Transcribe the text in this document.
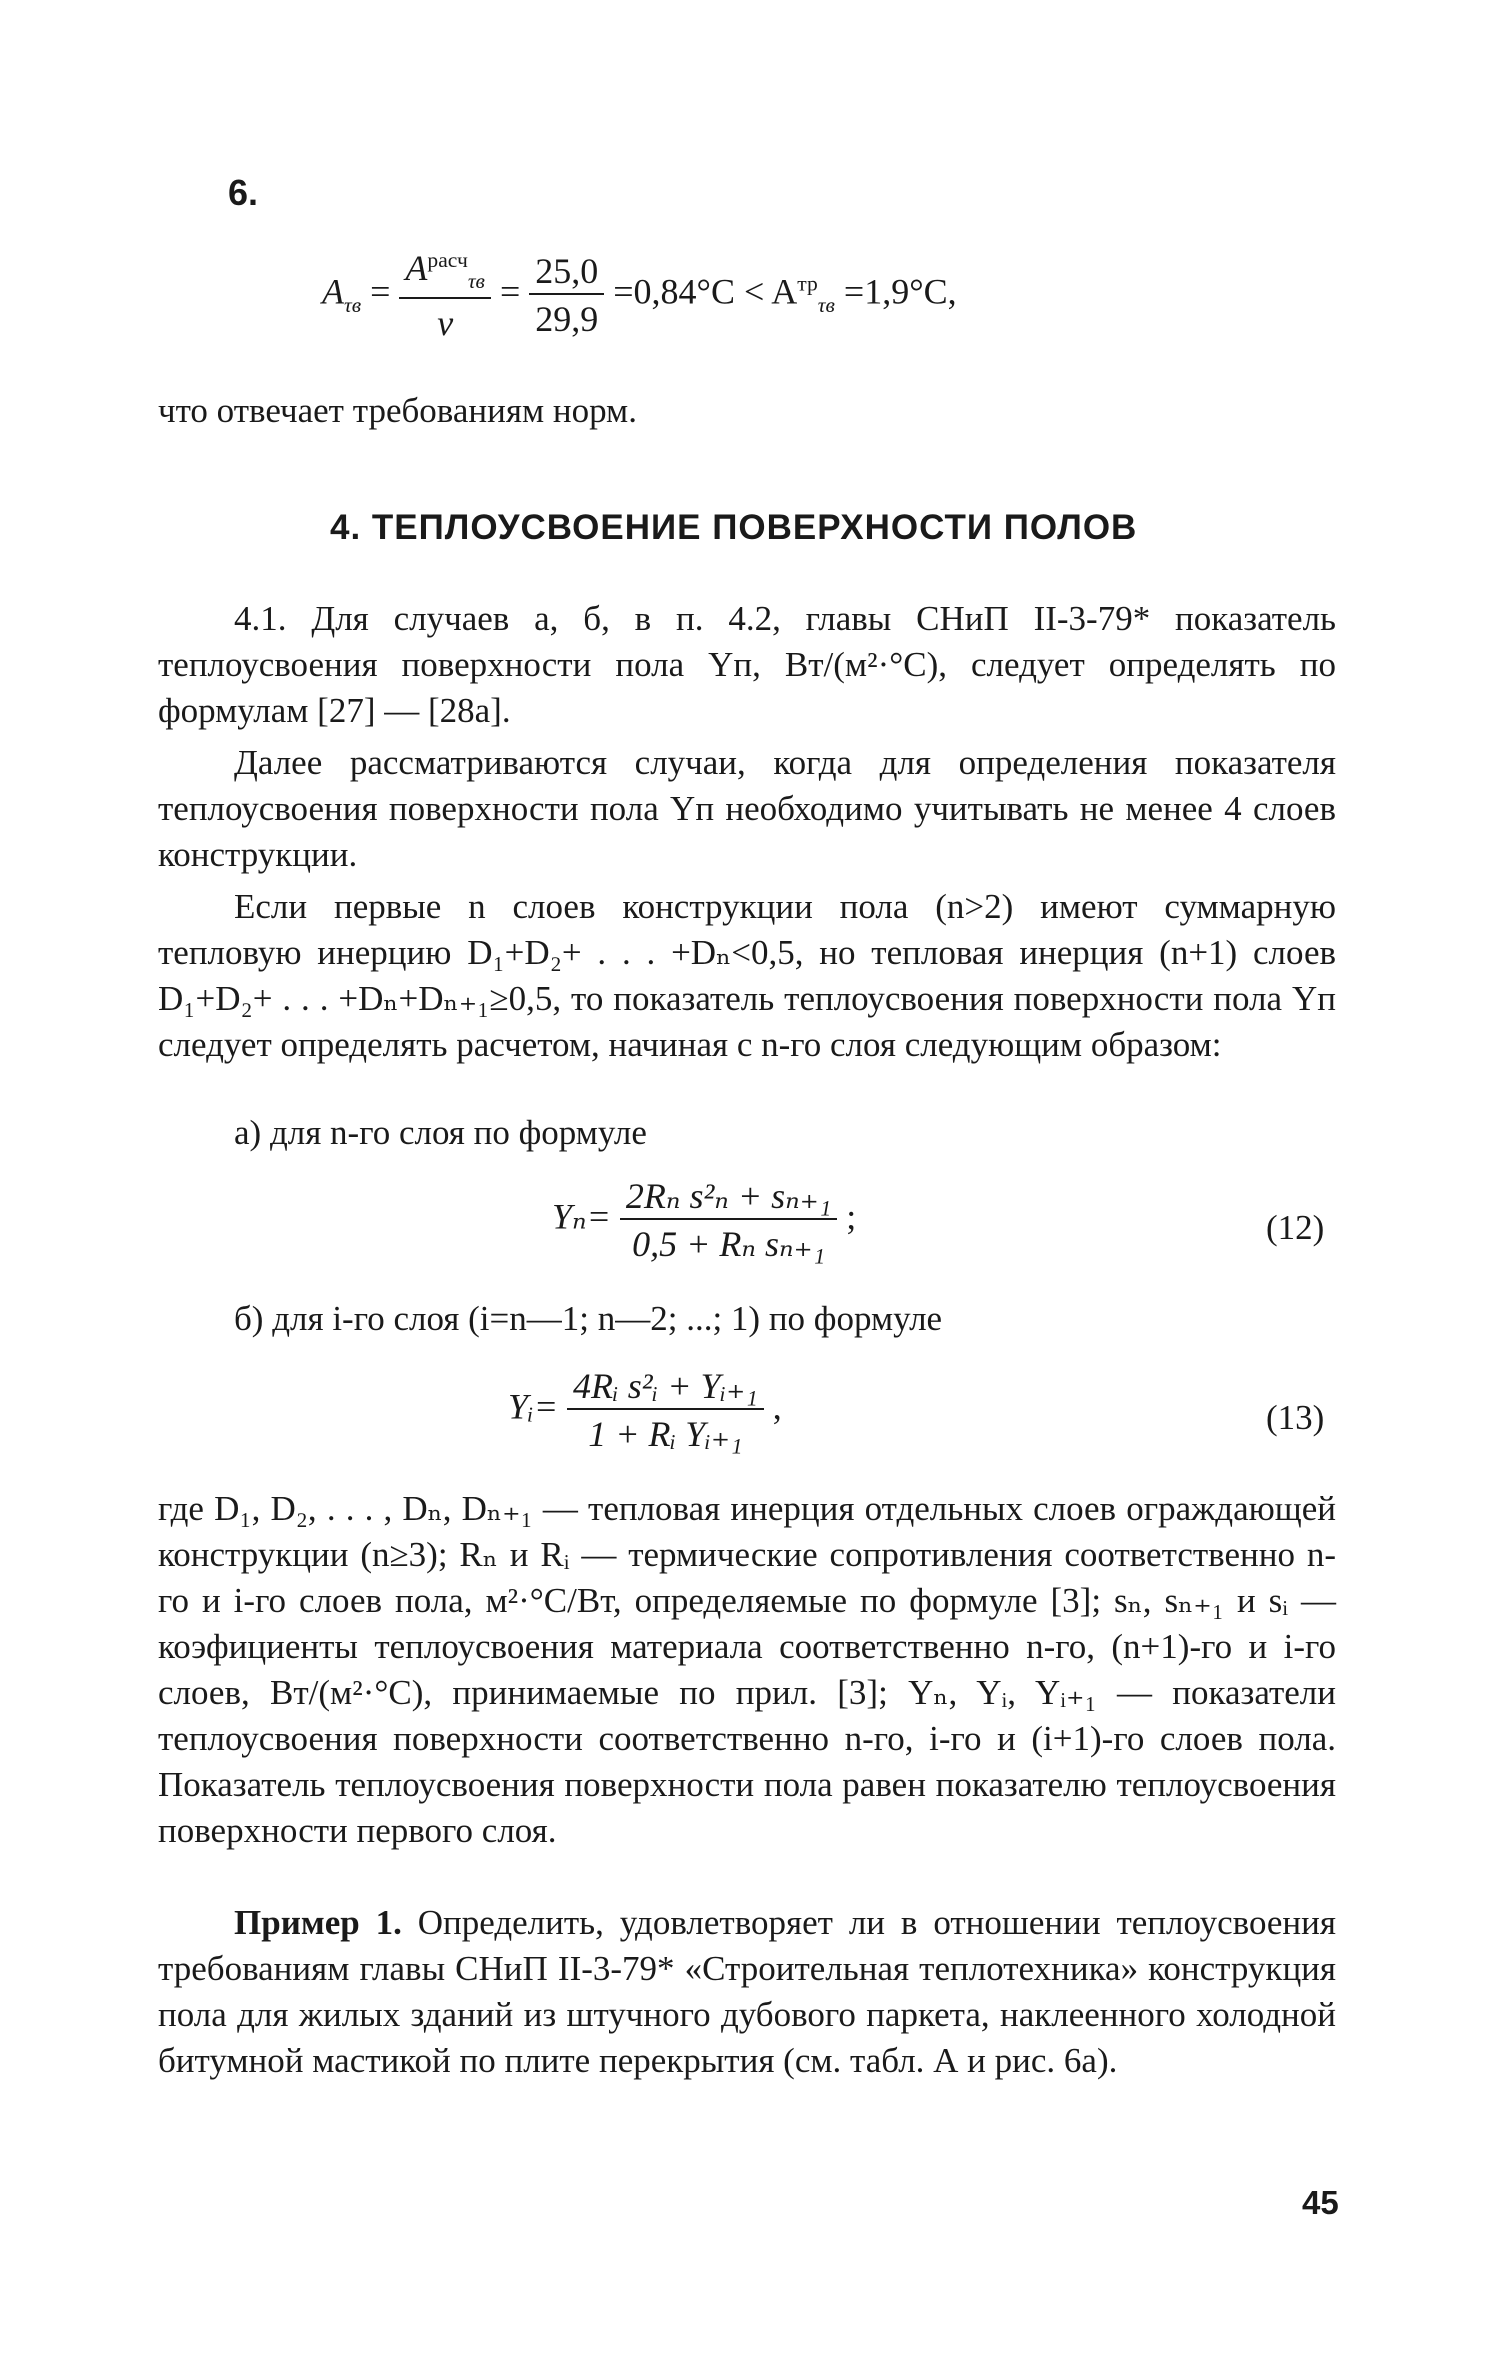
6.
$A_{\tau в} = \frac{A^{расч}_{\tau в}}{\nu} = \frac{25,0}{29,9} =0,84^\circ C < A^{тр}_{\tau в} =1,9^\circ C$,

что отвечает требованиям норм.

4. ТЕПЛОУСВОЕНИЕ ПОВЕРХНОСТИ ПОЛОВ

4.1. Для случаев а, б, в п. 4.2, главы СНиП II-3-79* показатель теплоусвоения поверхности пола Yп, Вт/(м²·°С), следует определять по формулам [27] — [28а].

Далее рассматриваются случаи, когда для определения показателя теплоусвоения поверхности пола Yп необходимо учитывать не менее 4 слоев конструкции.

Если первые n слоев конструкции пола (n>2) имеют суммарную тепловую инерцию D₁+D₂+ . . . +Dₙ<0,5, но тепловая инерция (n+1) слоев D₁+D₂+ . . . +Dₙ+Dₙ₊₁≥0,5, то показатель теплоусвоения поверхности пола Yп следует определять расчетом, начиная с n-го слоя следующим образом:

а) для n-го слоя по формуле

$Y_n= \frac{\text{2Rₙ s²ₙ + sₙ₊₁}}{\text{0,5 + Rₙ sₙ₊₁}}$ ;	(12)

б) для i-го слоя (i=n—1; n—2; ...; 1) по формуле

Yᵢ= $\frac{\text{4Rᵢ s²ᵢ + Yᵢ₊₁}}{\text{1 + Rᵢ Yᵢ₊₁}}$ ,	(13)

где D₁, D₂, . . . , Dₙ, Dₙ₊₁ — тепловая инерция отдельных слоев ограждающей конструкции (n≥3); Rₙ и Rᵢ — термические сопротивления соответственно n-го и i-го слоев пола, м²·°С/Вт, определяемые по формуле [3]; sₙ, sₙ₊₁ и sᵢ — коэфициенты теплоусвоения материала соответственно n-го, (n+1)-го и i-го слоев, Вт/(м²·°С), принимаемые по прил. [3]; Yₙ, Yᵢ, Yᵢ₊₁ — показатели теплоусвоения поверхности соответственно n-го, i-го и (i+1)-го слоев пола. Показатель теплоусвоения поверхности пола равен показателю теплоусвоения поверхности первого слоя.

Пример 1. Определить, удовлетворяет ли в отношении теплоусвоения требованиям главы СНиП II-3-79* «Строительная теплотехника» конструкция пола для жилых зданий из штучного дубового паркета, наклеенного холодной битумной мастикой по плите перекрытия (см. табл. А и рис. 6а).

45
